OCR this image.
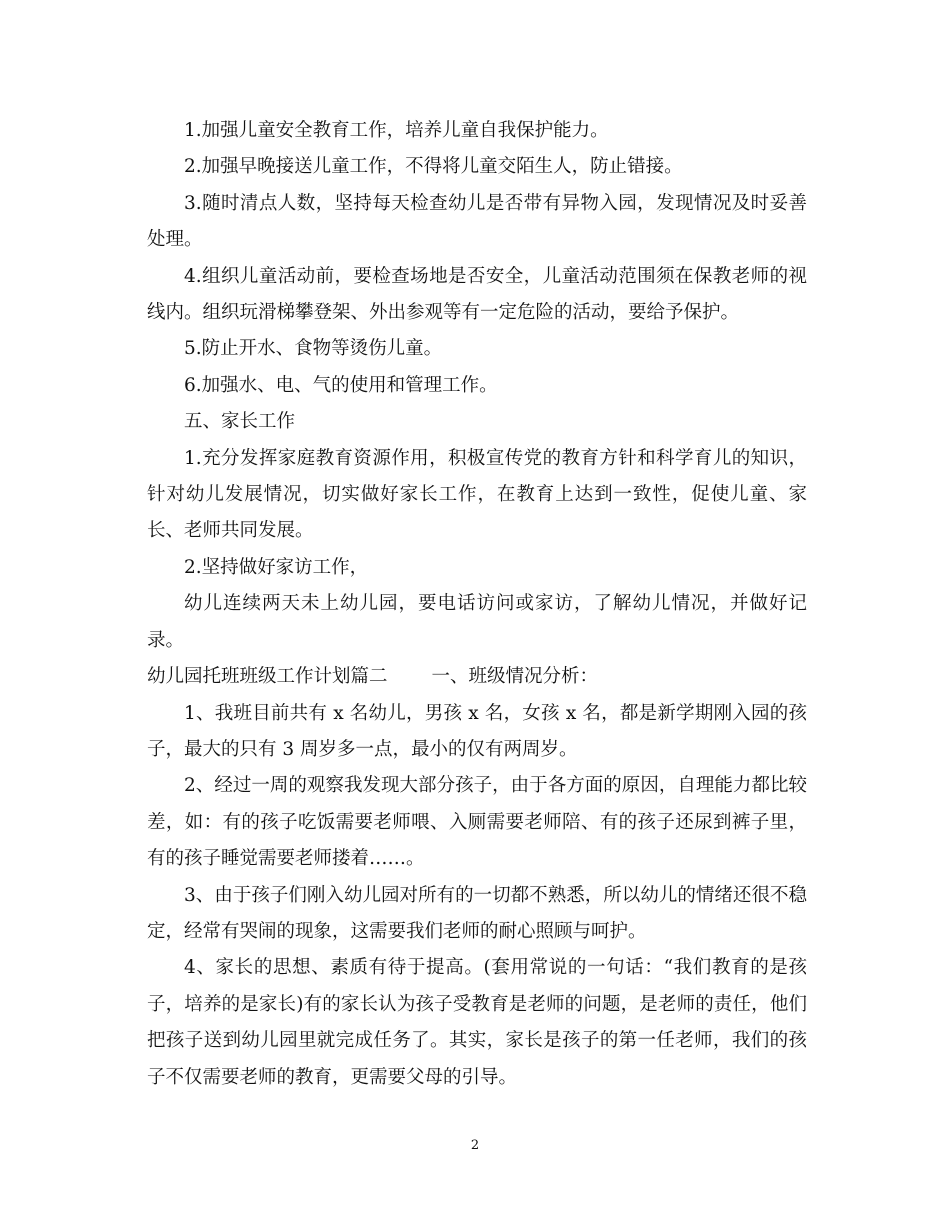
1.加强儿童安全教育工作，培养儿童自我保护能力。

2.加强早晚接送儿童工作，不得将儿童交陌生人，防止错接。

3.随时清点人数，坚持每天检查幼儿是否带有异物入园，发现情况及时妥善处理。

4.组织儿童活动前，要检查场地是否安全，儿童活动范围须在保教老师的视线内。组织玩滑梯攀登架、外出参观等有一定危险的活动，要给予保护。

5.防止开水、食物等烫伤儿童。

6.加强水、电、气的使用和管理工作。

五、家长工作

1.充分发挥家庭教育资源作用，积极宣传党的教育方针和科学育儿的知识，针对幼儿发展情况，切实做好家长工作，在教育上达到一致性，促使儿童、家长、老师共同发展。

2.坚持做好家访工作，

幼儿连续两天未上幼儿园，要电话访问或家访，了解幼儿情况，并做好记录。

幼儿园托班班级工作计划篇二 一、班级情况分析：

1、我班目前共有 x 名幼儿，男孩 x 名，女孩 x 名，都是新学期刚入园的孩子，最大的只有 3 周岁多一点，最小的仅有两周岁。

2、经过一周的观察我发现大部分孩子，由于各方面的原因，自理能力都比较差，如：有的孩子吃饭需要老师喂、入厕需要老师陪、有的孩子还尿到裤子里，有的孩子睡觉需要老师搂着……。

3、由于孩子们刚入幼儿园对所有的一切都不熟悉，所以幼儿的情绪还很不稳定，经常有哭闹的现象，这需要我们老师的耐心照顾与呵护。

4、家长的思想、素质有待于提高。(套用常说的一句话：“我们教育的是孩子，培养的是家长)有的家长认为孩子受教育是老师的问题，是老师的责任，他们把孩子送到幼儿园里就完成任务了。其实，家长是孩子的第一任老师，我们的孩子不仅需要老师的教育，更需要父母的引导。

2
